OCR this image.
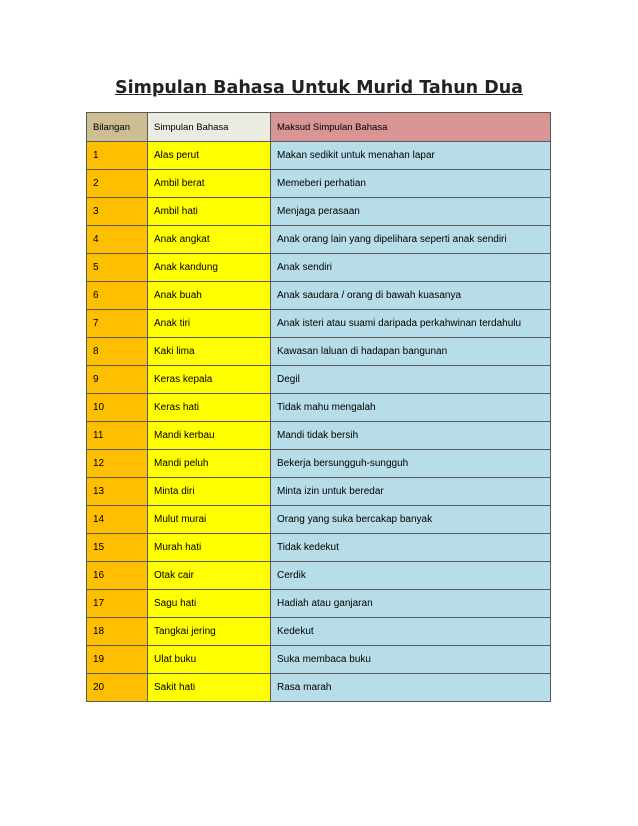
Simpulan Bahasa Untuk Murid Tahun Dua
Bilangan	Simpulan Bahasa	Maksud Simpulan Bahasa
1	Alas perut	Makan sedikit untuk menahan lapar
2	Ambil berat	Memeberi perhatian
3	Ambil hati	Menjaga perasaan
4	Anak angkat	Anak orang lain yang dipelihara seperti anak sendiri
5	Anak kandung	Anak sendiri
6	Anak buah	Anak saudara / orang di bawah kuasanya
7	Anak tiri	Anak isteri atau suami daripada perkahwinan terdahulu
8	Kaki lima	Kawasan laluan di hadapan bangunan
9	Keras kepala	Degil
10	Keras hati	Tidak mahu mengalah
11	Mandi kerbau	Mandi tidak bersih
12	Mandi peluh	Bekerja bersungguh-sungguh
13	Minta diri	Minta izin untuk beredar
14	Mulut murai	Orang yang suka bercakap banyak
15	Murah hati	Tidak kedekut
16	Otak cair	Cerdik
17	Sagu hati	Hadiah atau ganjaran
18	Tangkai jering	Kedekut
19	Ulat buku	Suka membaca buku
20	Sakit hati	Rasa marah
